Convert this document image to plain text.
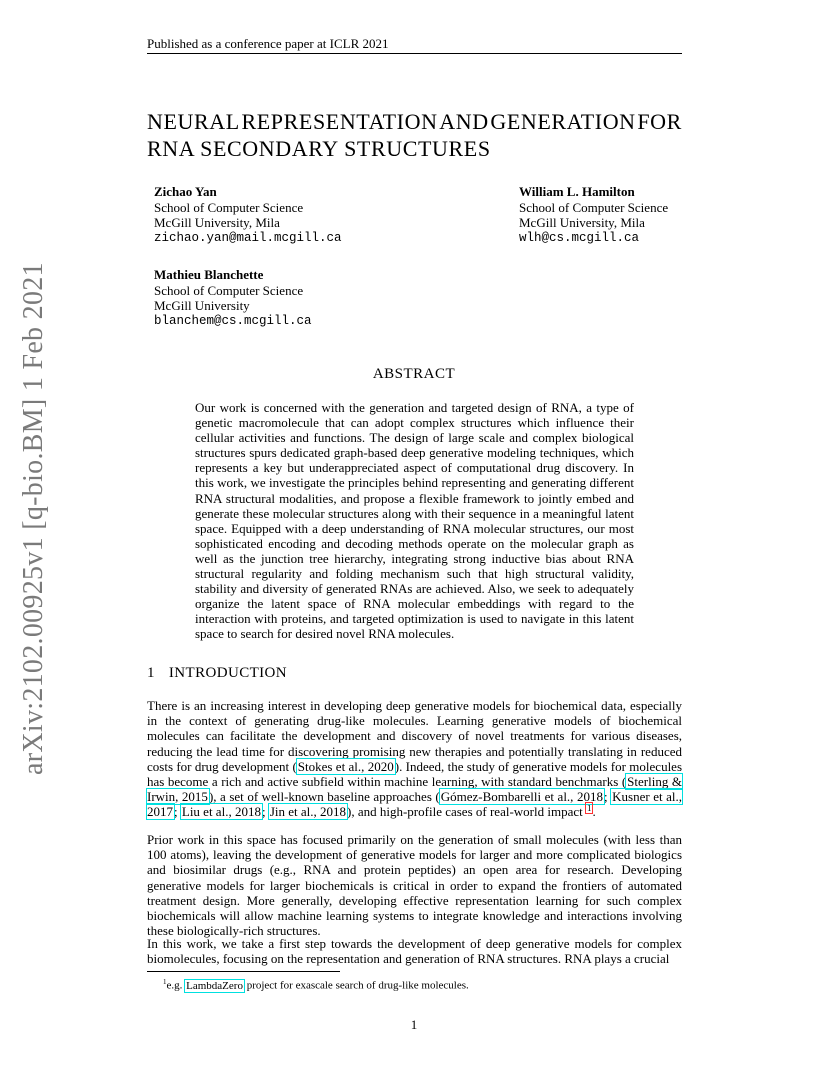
Published as a conference paper at ICLR 2021
arXiv:2102.00925v1 [q-bio.BM] 1 Feb 2021
NEURAL REPRESENTATION AND GENERATION FOR
RNA SECONDARY STRUCTURES
Zichao Yan
School of Computer Science
McGill University, Mila
zichao.yan@mail.mcgill.ca
William L. Hamilton
School of Computer Science
McGill University, Mila
wlh@cs.mcgill.ca
Mathieu Blanchette
School of Computer Science
McGill University
blanchem@cs.mcgill.ca
ABSTRACT
Our work is concerned with the generation and targeted design of RNA, a type of genetic macromolecule that can adopt complex structures which influence their cellular activities and functions. The design of large scale and complex biological structures spurs dedicated graph-based deep generative modeling techniques, which represents a key but underappreciated aspect of computational drug discovery. In this work, we investigate the principles behind representing and generating different RNA structural modalities, and propose a flexible framework to jointly embed and generate these molecular structures along with their sequence in a meaningful latent space. Equipped with a deep understanding of RNA molecular structures, our most sophisticated encoding and decoding methods operate on the molecular graph as well as the junction tree hierarchy, integrating strong inductive bias about RNA structural regularity and folding mechanism such that high structural validity, stability and diversity of generated RNAs are achieved. Also, we seek to adequately organize the latent space of RNA molecular embeddings with regard to the interaction with proteins, and targeted optimization is used to navigate in this latent space to search for desired novel RNA molecules.
1 INTRODUCTION
There is an increasing interest in developing deep generative models for biochemical data, especially in the context of generating drug-like molecules. Learning generative models of biochemical molecules can facilitate the development and discovery of novel treatments for various diseases, reducing the lead time for discovering promising new therapies and potentially translating in reduced costs for drug development (Stokes et al., 2020). Indeed, the study of generative models for molecules has become a rich and active subfield within machine learning, with standard benchmarks (Sterling & Irwin, 2015), a set of well-known baseline approaches (Gómez-Bombarelli et al., 2018; Kusner et al., 2017; Liu et al., 2018; Jin et al., 2018), and high-profile cases of real-world impact $^1$.
Prior work in this space has focused primarily on the generation of small molecules (with less than 100 atoms), leaving the development of generative models for larger and more complicated biologics and biosimilar drugs (e.g., RNA and protein peptides) an open area for research. Developing generative models for larger biochemicals is critical in order to expand the frontiers of automated treatment design. More generally, developing effective representation learning for such complex biochemicals will allow machine learning systems to integrate knowledge and interactions involving these biologically-rich structures.
In this work, we take a first step towards the development of deep generative models for complex biomolecules, focusing on the representation and generation of RNA structures. RNA plays a crucial
$^1$e.g. LambdaZero project for exascale search of drug-like molecules.
1
